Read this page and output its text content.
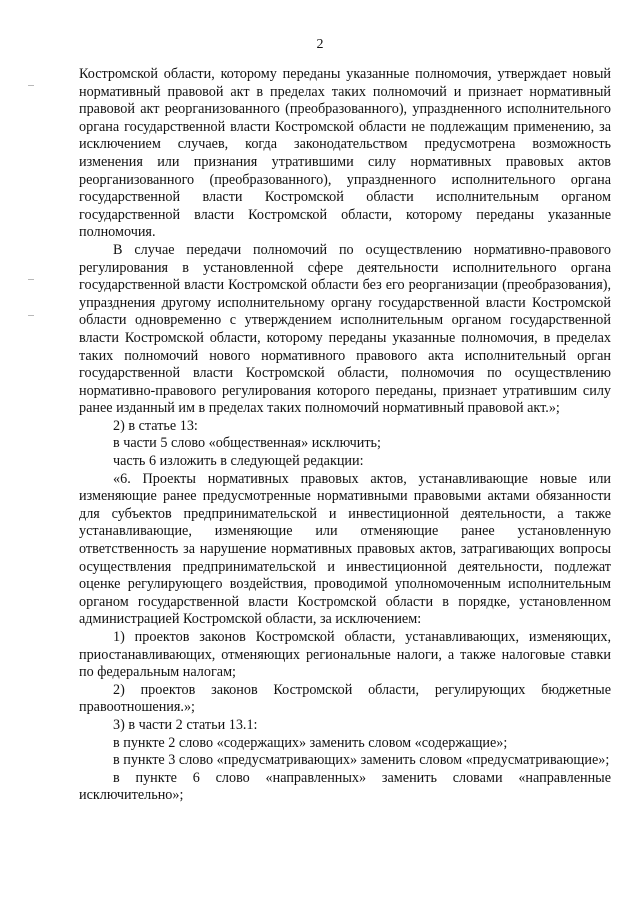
2

Костромской области, которому переданы указанные полномочия, утверждает новый нормативный правовой акт в пределах таких полномочий и признает нормативный правовой акт реорганизованного (преобразованного), упраздненного исполнительного органа государственной власти Костромской области не подлежащим применению, за исключением случаев, когда законодательством предусмотрена возможность изменения или признания утратившими силу нормативных правовых актов реорганизованного (преобразованного), упраздненного исполнительного органа государственной власти Костромской области исполнительным органом государственной власти Костромской области, которому переданы указанные полномочия.

В случае передачи полномочий по осуществлению нормативно-правового регулирования в установленной сфере деятельности исполнительного органа государственной власти Костромской области без его реорганизации (преобразования), упразднения другому исполнительному органу государственной власти Костромской области одновременно с утверждением исполнительным органом государственной власти Костромской области, которому переданы указанные полномочия, в пределах таких полномочий нового нормативного правового акта исполнительный орган государственной власти Костромской области, полномочия по осуществлению нормативно-правового регулирования которого переданы, признает утратившим силу ранее изданный им в пределах таких полномочий нормативный правовой акт.»;

2) в статье 13:

в части 5 слово «общественная» исключить;

часть 6 изложить в следующей редакции:

«6. Проекты нормативных правовых актов, устанавливающие новые или изменяющие ранее предусмотренные нормативными правовыми актами обязанности для субъектов предпринимательской и инвестиционной деятельности, а также устанавливающие, изменяющие или отменяющие ранее установленную ответственность за нарушение нормативных правовых актов, затрагивающих вопросы осуществления предпринимательской и инвестиционной деятельности, подлежат оценке регулирующего воздействия, проводимой уполномоченным исполнительным органом государственной власти Костромской области в порядке, установленном администрацией Костромской области, за исключением:

1) проектов законов Костромской области, устанавливающих, изменяющих, приостанавливающих, отменяющих региональные налоги, а также налоговые ставки по федеральным налогам;

2) проектов законов Костромской области, регулирующих бюджетные правоотношения.»;

3) в части 2 статьи 13.1:

в пункте 2 слово «содержащих» заменить словом «содержащие»;

в пункте 3 слово «предусматривающих» заменить словом «предусматривающие»;

в пункте 6 слово «направленных» заменить словами «направленные исключительно»;
